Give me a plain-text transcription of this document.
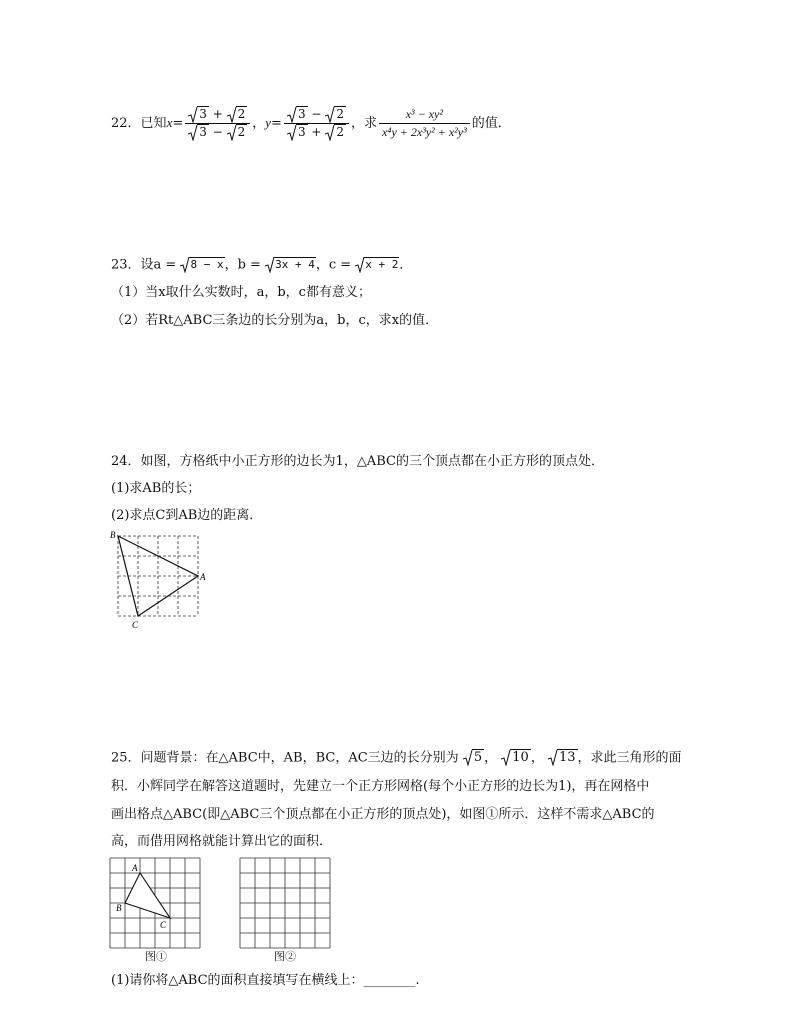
22．已知$x= \frac{3 + 2}{3 - 2}$ ，$y= \frac{3 - 2}{3 + 2}$ ，求 $\frac{\text{x³ − xy²}}{\text{x⁴y + 2x³y² + x²y³}}$ 的值．
23．设a = 8 − x，b = 3x + 4，c = x + 2．
（1）当x取什么实数时，a，b，c都有意义；
（2）若Rt△ABC三条边的长分别为a，b，c，求x的值．
24．如图，方格纸中小正方形的边长为1，△ABC的三个顶点都在小正方形的顶点处．
(1)求AB的长；
(2)求点C到AB边的距离．
B
A
C
25．问题背景：在△ABC中，AB，BC，AC三边的长分别为 5 ， 10 ， 13 ，求此三角形的面
积．小辉同学在解答这道题时，先建立一个正方形网格(每个小正方形的边长为1)，再在网格中
画出格点△ABC(即△ABC三个顶点都在小正方形的顶点处)，如图①所示．这样不需求△ABC的
高，而借用网格就能计算出它的面积．
A
B
C
图①	图②
(1)请你将△ABC的面积直接填写在横线上：________.
